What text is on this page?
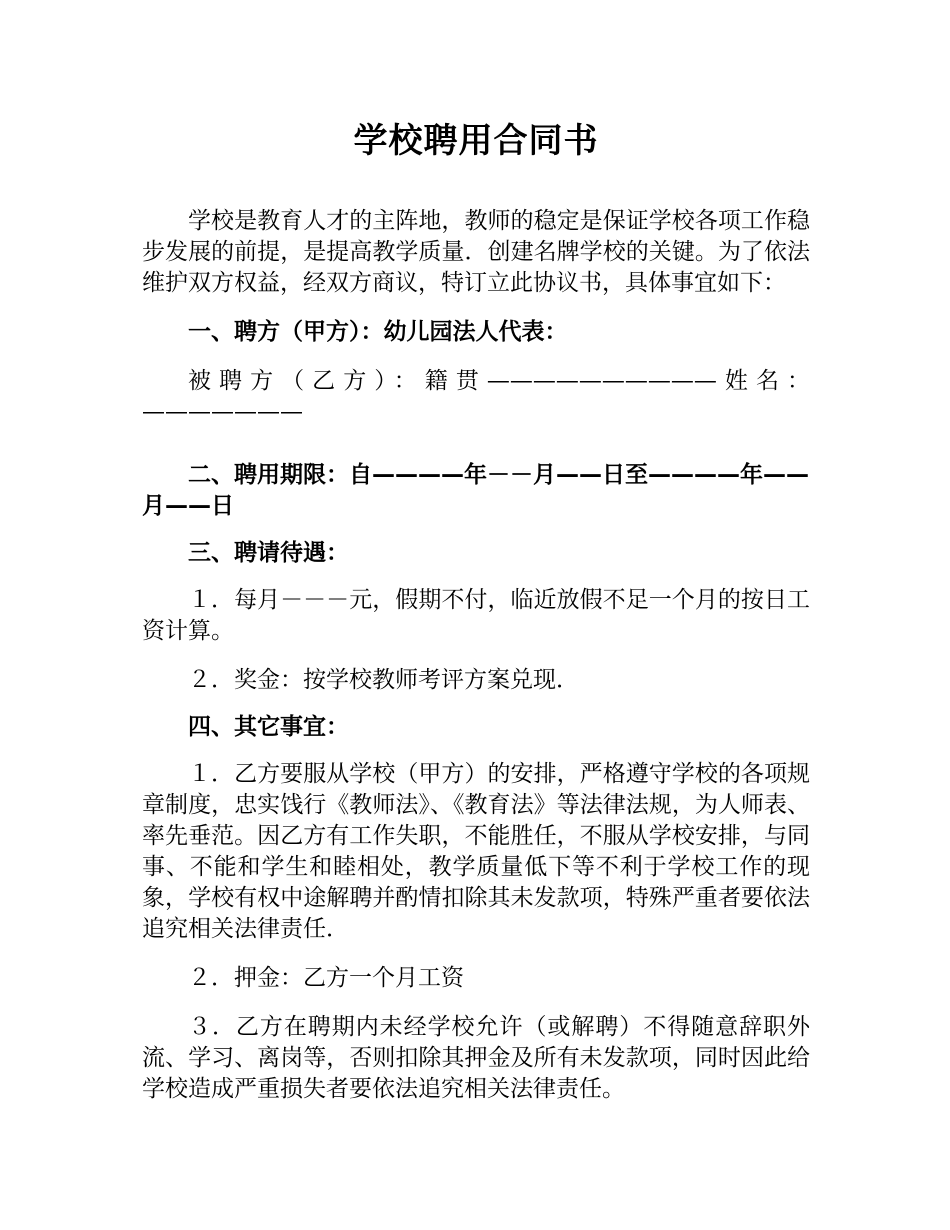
学校聘用合同书

学校是教育人才的主阵地，教师的稳定是保证学校各项工作稳步发展的前提，是提高教学质量．创建名牌学校的关键。为了依法维护双方权益，经双方商议，特订立此协议书，具体事宜如下：

一、聘方（甲方）：幼儿园法人代表：

被聘方（乙方）：籍贯——————————姓名：———————

二、聘用期限：自————年－－月——日至————年——月——日

三、聘请待遇：

１．每月－－－元，假期不付，临近放假不足一个月的按日工资计算。

２．奖金：按学校教师考评方案兑现．

四、其它事宜：

１．乙方要服从学校（甲方）的安排，严格遵守学校的各项规章制度，忠实饯行《教师法》、《教育法》等法律法规，为人师表、率先垂范。因乙方有工作失职，不能胜任，不服从学校安排，与同事、不能和学生和睦相处，教学质量低下等不利于学校工作的现象，学校有权中途解聘并酌情扣除其未发款项，特殊严重者要依法追究相关法律责任．

２．押金：乙方一个月工资

３．乙方在聘期内未经学校允许（或解聘）不得随意辞职外流、学习、离岗等，否则扣除其押金及所有未发款项，同时因此给学校造成严重损失者要依法追究相关法律责任。
